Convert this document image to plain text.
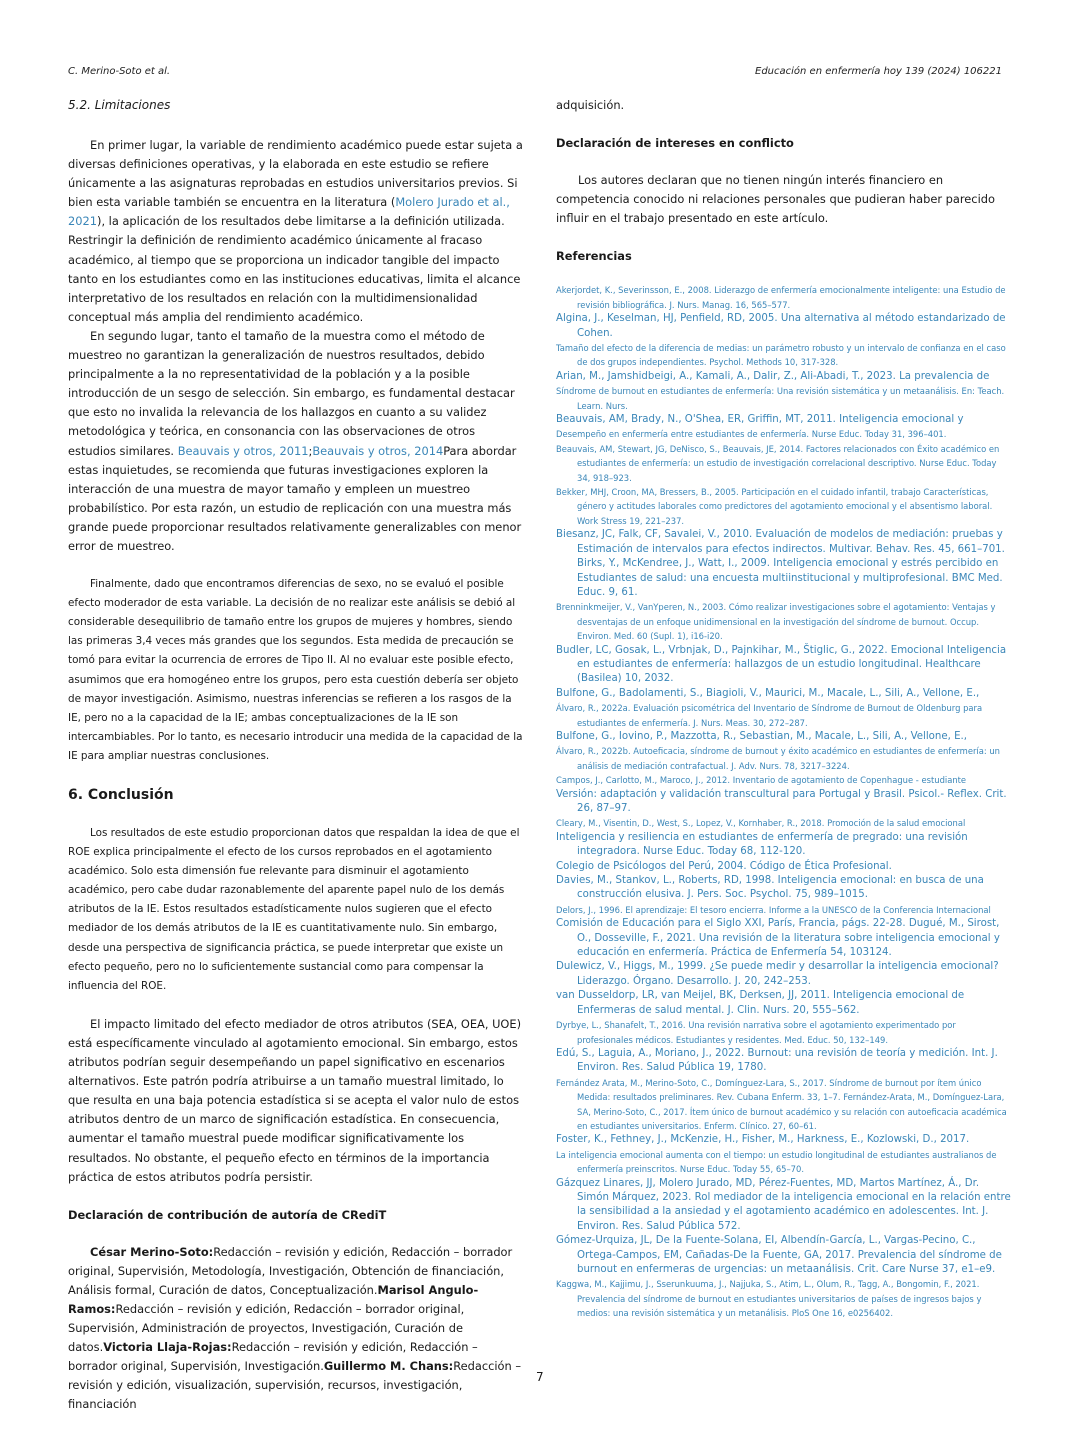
C. Merino-Soto et al.	Educación en enfermería hoy 139 (2024) 106221
5.2. Limitaciones

En primer lugar, la variable de rendimiento académico puede estar sujeta a diversas definiciones operativas, y la elaborada en este estudio se refiere únicamente a las asignaturas reprobadas en estudios universitarios previos. Si bien esta variable también se encuentra en la literatura (Molero Jurado et al., 2021), la aplicación de los resultados debe limitarse a la definición utilizada. Restringir la definición de rendimiento académico únicamente al fracaso académico, al tiempo que se proporciona un indicador tangible del impacto tanto en los estudiantes como en las instituciones educativas, limita el alcance interpretativo de los resultados en relación con la multidimensionalidad conceptual más amplia del rendimiento académico.

En segundo lugar, tanto el tamaño de la muestra como el método de muestreo no garantizan la generalización de nuestros resultados, debido principalmente a la no representatividad de la población y a la posible introducción de un sesgo de selección. Sin embargo, es fundamental destacar que esto no invalida la relevancia de los hallazgos en cuanto a su validez metodológica y teórica, en consonancia con las observaciones de otros estudios similares. Beauvais y otros, 2011;Beauvais y otros, 2014Para abordar estas inquietudes, se recomienda que futuras investigaciones exploren la interacción de una muestra de mayor tamaño y empleen un muestreo probabilístico. Por esta razón, un estudio de replicación con una muestra más grande puede proporcionar resultados relativamente generalizables con menor error de muestreo.

Finalmente, dado que encontramos diferencias de sexo, no se evaluó el posible efecto moderador de esta variable. La decisión de no realizar este análisis se debió al considerable desequilibrio de tamaño entre los grupos de mujeres y hombres, siendo las primeras 3,4 veces más grandes que los segundos. Esta medida de precaución se tomó para evitar la ocurrencia de errores de Tipo II. Al no evaluar este posible efecto, asumimos que era homogéneo entre los grupos, pero esta cuestión debería ser objeto de mayor investigación. Asimismo, nuestras inferencias se refieren a los rasgos de la IE, pero no a la capacidad de la IE; ambas conceptualizaciones de la IE son intercambiables. Por lo tanto, es necesario introducir una medida de la capacidad de la IE para ampliar nuestras conclusiones.

6. Conclusión

Los resultados de este estudio proporcionan datos que respaldan la idea de que el ROE explica principalmente el efecto de los cursos reprobados en el agotamiento académico. Solo esta dimensión fue relevante para disminuir el agotamiento académico, pero cabe dudar razonablemente del aparente papel nulo de los demás atributos de la IE. Estos resultados estadísticamente nulos sugieren que el efecto mediador de los demás atributos de la IE es cuantitativamente nulo. Sin embargo, desde una perspectiva de significancia práctica, se puede interpretar que existe un efecto pequeño, pero no lo suficientemente sustancial como para compensar la influencia del ROE.

El impacto limitado del efecto mediador de otros atributos (SEA, OEA, UOE) está específicamente vinculado al agotamiento emocional. Sin embargo, estos atributos podrían seguir desempeñando un papel significativo en escenarios alternativos. Este patrón podría atribuirse a un tamaño muestral limitado, lo que resulta en una baja potencia estadística si se acepta el valor nulo de estos atributos dentro de un marco de significación estadística. En consecuencia, aumentar el tamaño muestral puede modificar significativamente los resultados. No obstante, el pequeño efecto en términos de la importancia práctica de estos atributos podría persistir.

Declaración de contribución de autoría de CRediT

César Merino-Soto:Redacción – revisión y edición, Redacción – borrador original, Supervisión, Metodología, Investigación, Obtención de financiación, Análisis formal, Curación de datos, Conceptualización.Marisol Angulo-Ramos:Redacción – revisión y edición, Redacción – borrador original, Supervisión, Administración de proyectos, Investigación, Curación de datos.Victoria Llaja-Rojas:Redacción – revisión y edición, Redacción – borrador original, Supervisión, Investigación.Guillermo M. Chans:Redacción – revisión y edición, visualización, supervisión, recursos, investigación, financiación

adquisición.

Declaración de intereses en conflicto

Los autores declaran que no tienen ningún interés financiero en competencia conocido ni relaciones personales que pudieran haber parecido influir en el trabajo presentado en este artículo.

Referencias

Akerjordet, K., Severinsson, E., 2008. Liderazgo de enfermería emocionalmente inteligente: una Estudio de revisión bibliográfica. J. Nurs. Manag. 16, 565–577.

Algina, J., Keselman, HJ, Penfield, RD, 2005. Una alternativa al método estandarizado de Cohen.

Tamaño del efecto de la diferencia de medias: un parámetro robusto y un intervalo de confianza en el caso de dos grupos independientes. Psychol. Methods 10, 317-328.

Arian, M., Jamshidbeigi, A., Kamali, A., Dalir, Z., Ali-Abadi, T., 2023. La prevalencia de

Síndrome de burnout en estudiantes de enfermería: Una revisión sistemática y un metaanálisis. En: Teach. Learn. Nurs.

Beauvais, AM, Brady, N., O'Shea, ER, Griffin, MT, 2011. Inteligencia emocional y

Desempeño en enfermería entre estudiantes de enfermería. Nurse Educ. Today 31, 396–401.

Beauvais, AM, Stewart, JG, DeNisco, S., Beauvais, JE, 2014. Factores relacionados con Éxito académico en estudiantes de enfermería: un estudio de investigación correlacional descriptivo. Nurse Educ. Today 34, 918–923.

Bekker, MHJ, Croon, MA, Bressers, B., 2005. Participación en el cuidado infantil, trabajo Características, género y actitudes laborales como predictores del agotamiento emocional y el absentismo laboral. Work Stress 19, 221–237.

Biesanz, JC, Falk, CF, Savalei, V., 2010. Evaluación de modelos de mediación: pruebas y Estimación de intervalos para efectos indirectos. Multivar. Behav. Res. 45, 661–701. Birks, Y., McKendree, J., Watt, I., 2009. Inteligencia emocional y estrés percibido en Estudiantes de salud: una encuesta multiinstitucional y multiprofesional. BMC Med. Educ. 9, 61.

Brenninkmeijer, V., VanYperen, N., 2003. Cómo realizar investigaciones sobre el agotamiento: Ventajas y desventajas de un enfoque unidimensional en la investigación del síndrome de burnout. Occup. Environ. Med. 60 (Supl. 1), i16-i20.

Budler, LC, Gosak, L., Vrbnjak, D., Pajnkihar, M., Štiglic, G., 2022. Emocional Inteligencia en estudiantes de enfermería: hallazgos de un estudio longitudinal. Healthcare (Basilea) 10, 2032.

Bulfone, G., Badolamenti, S., Biagioli, V., Maurici, M., Macale, L., Sili, A., Vellone, E.,

Álvaro, R., 2022a. Evaluación psicométrica del Inventario de Síndrome de Burnout de Oldenburg para estudiantes de enfermería. J. Nurs. Meas. 30, 272–287.

Bulfone, G., Iovino, P., Mazzotta, R., Sebastian, M., Macale, L., Sili, A., Vellone, E.,

Álvaro, R., 2022b. Autoeficacia, síndrome de burnout y éxito académico en estudiantes de enfermería: un análisis de mediación contrafactual. J. Adv. Nurs. 78, 3217–3224.

Campos, J., Carlotto, M., Maroco, J., 2012. Inventario de agotamiento de Copenhague - estudiante

Versión: adaptación y validación transcultural para Portugal y Brasil. Psicol.- Reflex. Crit. 26, 87–97.

Cleary, M., Visentin, D., West, S., Lopez, V., Kornhaber, R., 2018. Promoción de la salud emocional

Inteligencia y resiliencia en estudiantes de enfermería de pregrado: una revisión integradora. Nurse Educ. Today 68, 112-120.

Colegio de Psicólogos del Perú, 2004. Código de Ética Profesional.

Davies, M., Stankov, L., Roberts, RD, 1998. Inteligencia emocional: en busca de una construcción elusiva. J. Pers. Soc. Psychol. 75, 989–1015.

Delors, J., 1996. El aprendizaje: El tesoro encierra. Informe a la UNESCO de la Conferencia Internacional

Comisión de Educación para el Siglo XXI, París, Francia, págs. 22-28. Dugué, M., Sirost, O., Dosseville, F., 2021. Una revisión de la literatura sobre inteligencia emocional y educación en enfermería. Práctica de Enfermería 54, 103124.

Dulewicz, V., Higgs, M., 1999. ¿Se puede medir y desarrollar la inteligencia emocional? Liderazgo. Órgano. Desarrollo. J. 20, 242–253.

van Dusseldorp, LR, van Meijel, BK, Derksen, JJ, 2011. Inteligencia emocional de Enfermeras de salud mental. J. Clin. Nurs. 20, 555–562.

Dyrbye, L., Shanafelt, T., 2016. Una revisión narrativa sobre el agotamiento experimentado por profesionales médicos. Estudiantes y residentes. Med. Educ. 50, 132–149.

Edú, S., Laguia, A., Moriano, J., 2022. Burnout: una revisión de teoría y medición. Int. J. Environ. Res. Salud Pública 19, 1780.

Fernández Arata, M., Merino-Soto, C., Domínguez-Lara, S., 2017. Síndrome de burnout por ítem único Medida: resultados preliminares. Rev. Cubana Enferm. 33, 1–7. Fernández-Arata, M., Domínguez-Lara, SA, Merino-Soto, C., 2017. Ítem único de burnout académico y su relación con autoeficacia académica en estudiantes universitarios. Enferm. Clínico. 27, 60–61.

Foster, K., Fethney, J., McKenzie, H., Fisher, M., Harkness, E., Kozlowski, D., 2017.

La inteligencia emocional aumenta con el tiempo: un estudio longitudinal de estudiantes australianos de enfermería preinscritos. Nurse Educ. Today 55, 65–70.

Gázquez Linares, JJ, Molero Jurado, MD, Pérez-Fuentes, MD, Martos Martínez, Á., Dr. Simón Márquez, 2023. Rol mediador de la inteligencia emocional en la relación entre la sensibilidad a la ansiedad y el agotamiento académico en adolescentes. Int. J. Environ. Res. Salud Pública 572.

Gómez-Urquiza, JL, De la Fuente-Solana, EI, Albendín-García, L., Vargas-Pecino, C., Ortega-Campos, EM, Cañadas-De la Fuente, GA, 2017. Prevalencia del síndrome de burnout en enfermeras de urgencias: un metaanálisis. Crit. Care Nurse 37, e1–e9.

Kaggwa, M., Kajjimu, J., Sserunkuuma, J., Najjuka, S., Atim, L., Olum, R., Tagg, A., Bongomin, F., 2021. Prevalencia del síndrome de burnout en estudiantes universitarios de países de ingresos bajos y medios: una revisión sistemática y un metanálisis. PloS One 16, e0256402.

7
